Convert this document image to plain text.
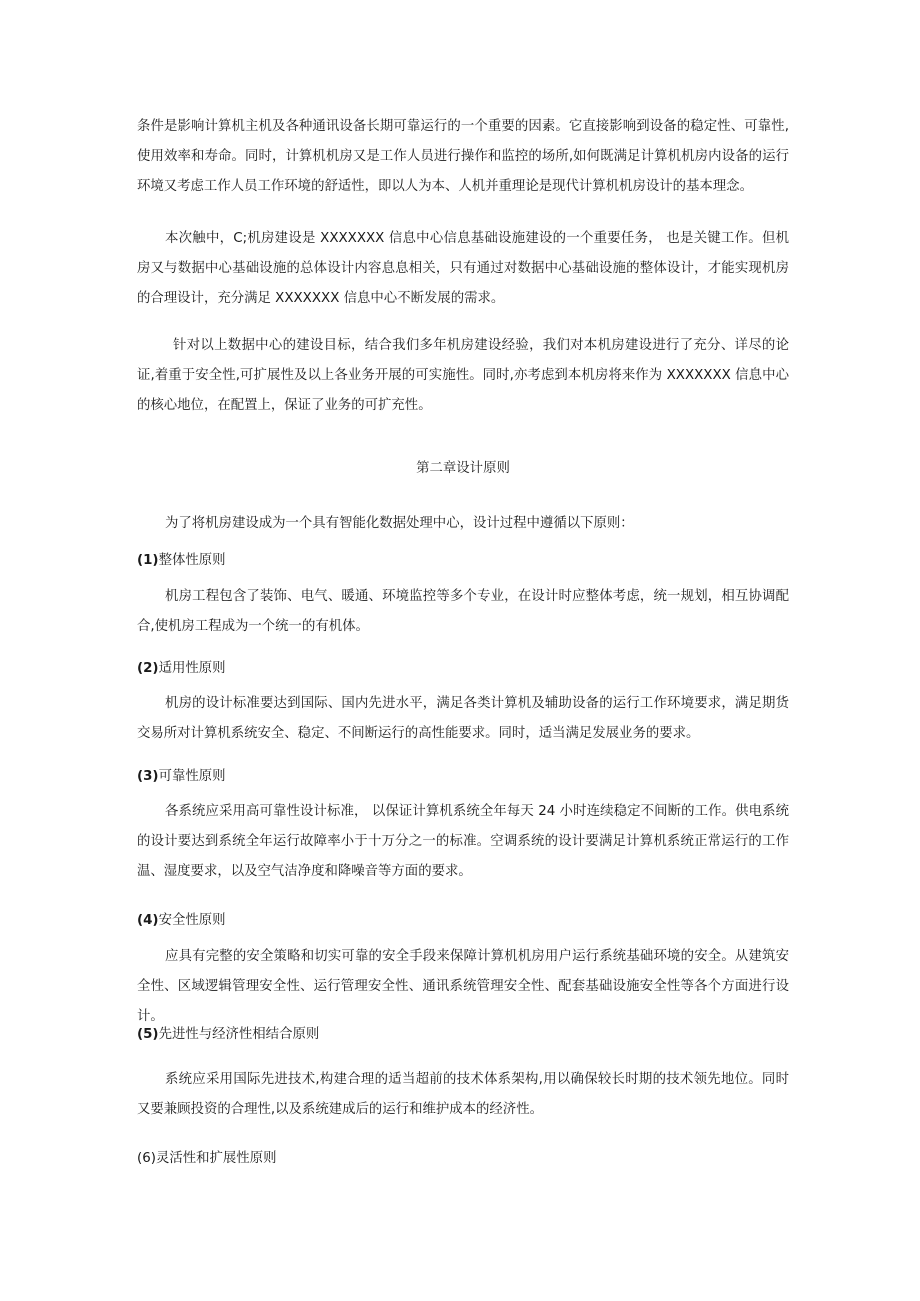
条件是影响计算机主机及各种通讯设备长期可靠运行的一个重要的因素。它直接影响到设备的稳定性、可靠性,使用效率和寿命。同时，计算机机房又是工作人员进行操作和监控的场所,如何既满足计算机机房内设备的运行环境又考虑工作人员工作环境的舒适性，即以人为本、人机并重理论是现代计算机机房设计的基本理念。

本次触中，C;机房建设是 XXXXXXX 信息中心信息基础设施建设的一个重要任务， 也是关键工作。但机房又与数据中心基础设施的总体设计内容息息相关，只有通过对数据中心基础设施的整体设计，才能实现机房的合理设计，充分满足 XXXXXXX 信息中心不断发展的需求。

针对以上数据中心的建设目标，结合我们多年机房建设经验，我们对本机房建设进行了充分、详尽的论证,着重于安全性,可扩展性及以上各业务开展的可实施性。同时,亦考虑到本机房将来作为 XXXXXXX 信息中心的核心地位，在配置上，保证了业务的可扩充性。

第二章设计原则

为了将机房建设成为一个具有智能化数据处理中心，设计过程中遵循以下原则：

(1)整体性原则

机房工程包含了装饰、电气、暖通、环境监控等多个专业，在设计时应整体考虑，统一规划，相互协调配合,使机房工程成为一个统一的有机体。

(2)适用性原则

机房的设计标准要达到国际、国内先进水平，满足各类计算机及辅助设备的运行工作环境要求，满足期货交易所对计算机系统安全、稳定、不间断运行的高性能要求。同时，适当满足发展业务的要求。

(3)可靠性原则

各系统应采用高可靠性设计标准， 以保证计算机系统全年每天 24 小时连续稳定不间断的工作。供电系统的设计要达到系统全年运行故障率小于十万分之一的标准。空调系统的设计要满足计算机系统正常运行的工作温、湿度要求，以及空气洁净度和降噪音等方面的要求。

(4)安全性原则

应具有完整的安全策略和切实可靠的安全手段来保障计算机机房用户运行系统基础环境的安全。从建筑安全性、区域逻辑管理安全性、运行管理安全性、通讯系统管理安全性、配套基础设施安全性等各个方面进行设计。

(5)先进性与经济性相结合原则

系统应采用国际先进技术,构建合理的适当超前的技术体系架构,用以确保较长时期的技术领先地位。同时又要兼顾投资的合理性,以及系统建成后的运行和维护成本的经济性。

(6)灵活性和扩展性原则
